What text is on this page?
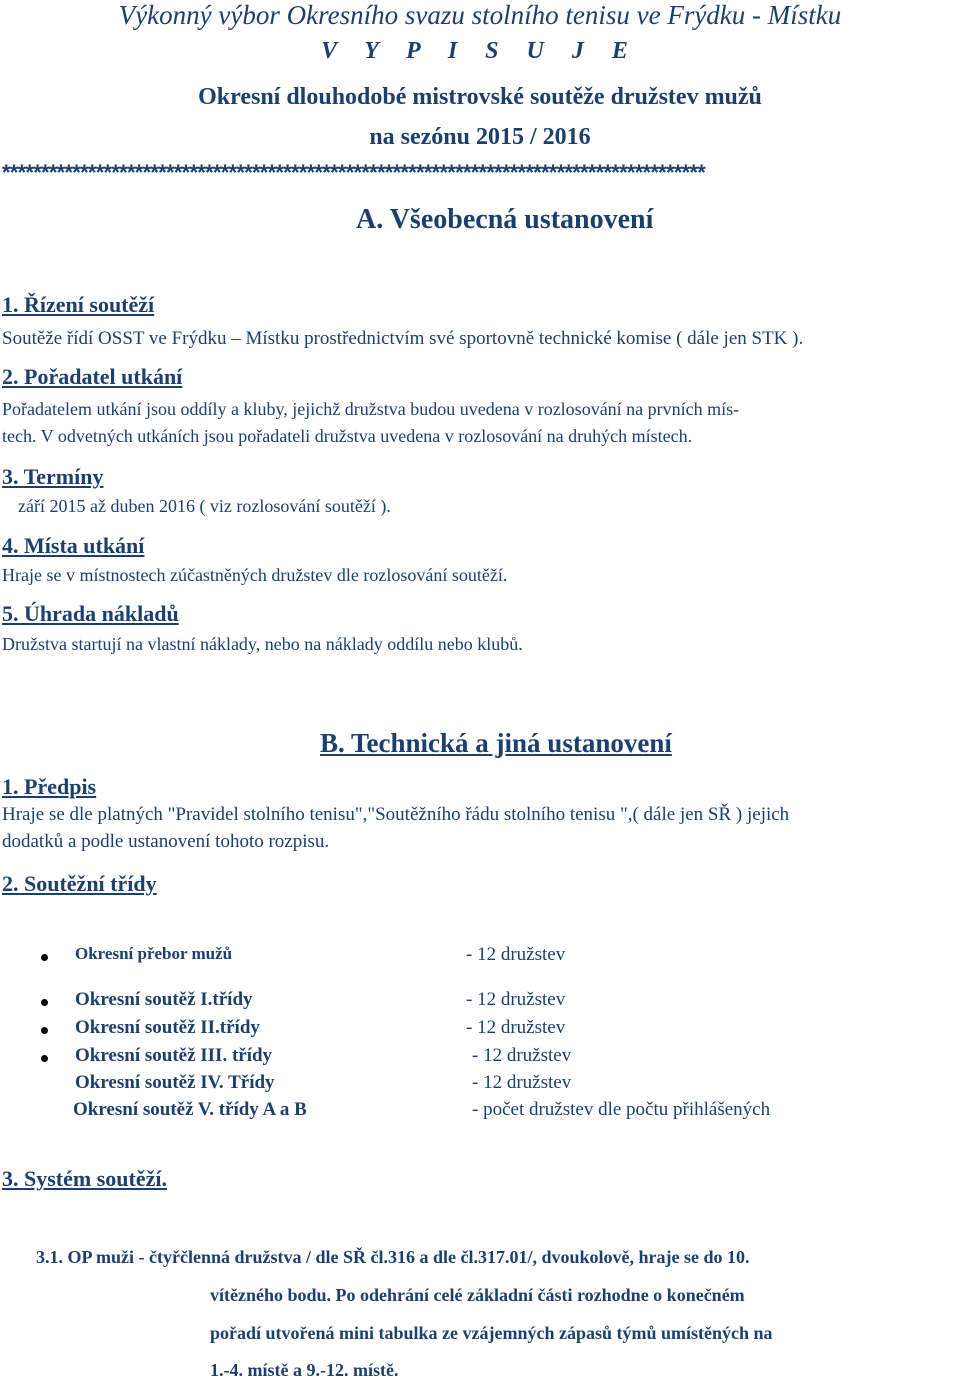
Výkonný výbor Okresního svazu stolního tenisu ve Frýdku - Místku
V Y P I S U J E
Okresní dlouhodobé mistrovské soutěže družstev mužů
na sezónu 2015 / 2016
******************************************************************************************
A. Všeobecná ustanovení
1. Řízení soutěží
Soutěže řídí OSST ve Frýdku – Místku prostřednictvím své sportovně technické komise ( dále jen STK ).
2. Pořadatel utkání
Pořadatelem utkání jsou oddíly a kluby, jejichž družstva budou uvedena v rozlosování na prvních mís-
tech. V odvetných utkáních jsou pořadateli družstva uvedena v rozlosování na druhých místech.
3. Termíny
září 2015 až duben 2016 ( viz rozlosování soutěží ).
4. Místa utkání
Hraje se v místnostech zúčastněných družstev dle rozlosování soutěží.
5. Úhrada nákladů
Družstva startují na vlastní náklady, nebo na náklady oddílu nebo klubů.
B. Technická a jiná ustanovení
1. Předpis
Hraje se dle platných "Pravidel stolního tenisu","Soutěžního řádu stolního tenisu ",( dále jen SŘ ) jejich
dodatků a podle ustanovení tohoto rozpisu.
2. Soutěžní třídy
Okresní přebor mužů	- 12 družstev
Okresní soutěž I.třídy	- 12 družstev
Okresní soutěž II.třídy	- 12 družstev
Okresní soutěž III. třídy	- 12 družstev
Okresní soutěž IV. Třídy	- 12 družstev
Okresní soutěž V. třídy A a B	- počet družstev dle počtu přihlášených
3. Systém soutěží.
3.1. OP muži - čtyřčlenná družstva / dle SŘ čl.316 a dle čl.317.01/, dvoukolově, hraje se do 10.
vítězného bodu. Po odehrání celé základní části rozhodne o konečném
pořadí utvořená mini tabulka ze vzájemných zápasů týmů umístěných na
1.-4. místě a 9.-12. místě.
